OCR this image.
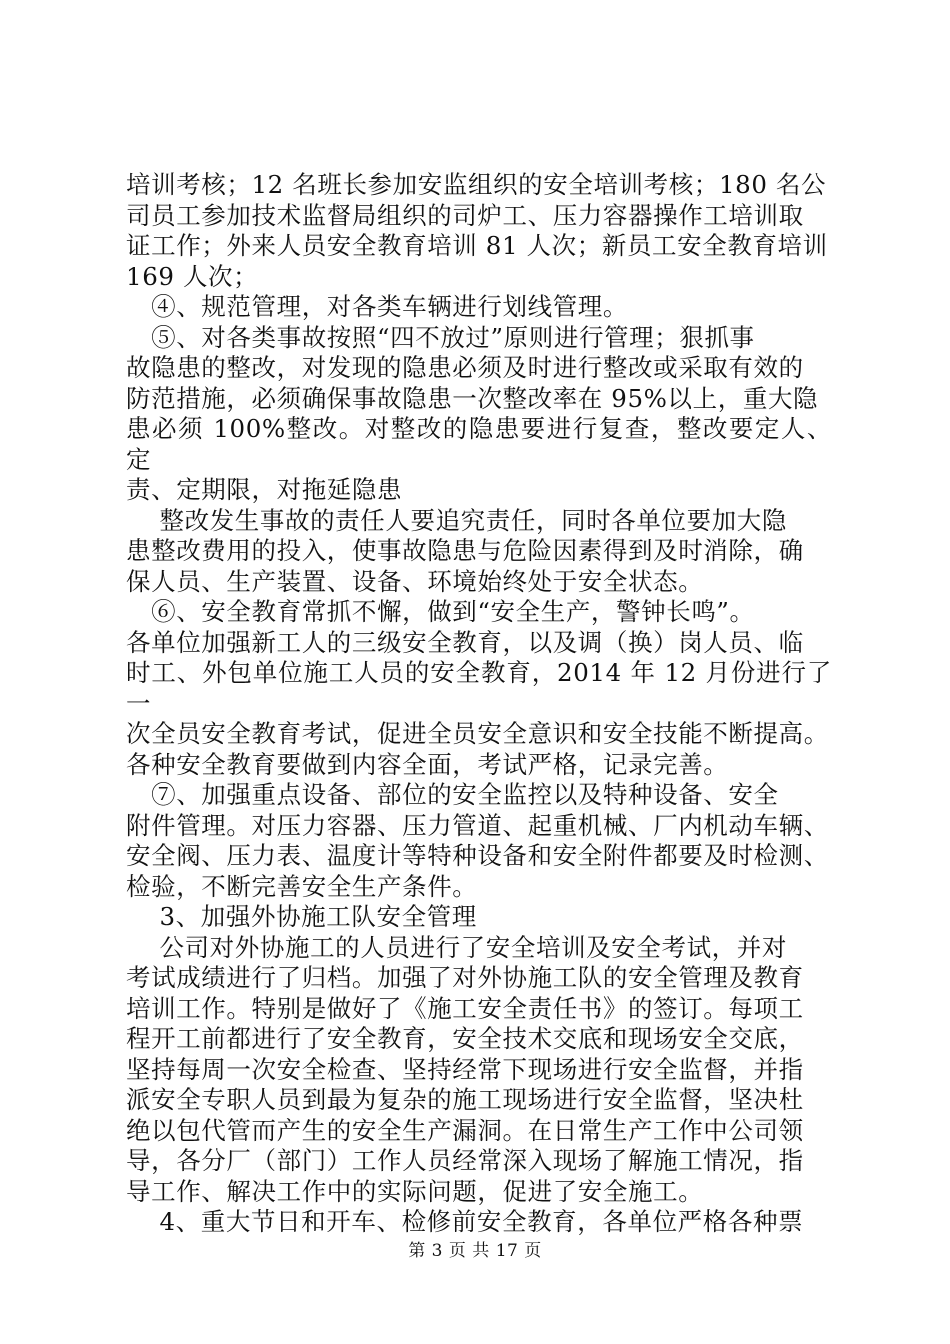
培训考核；12 名班长参加安监组织的安全培训考核；180 名公

司员工参加技术监督局组织的司炉工、压力容器操作工培训取

证工作；外来人员安全教育培训 81 人次；新员工安全教育培训

169 人次；

　④、规范管理，对各类车辆进行划线管理。

　⑤、对各类事故按照“四不放过”原则进行管理；狠抓事

故隐患的整改，对发现的隐患必须及时进行整改或采取有效的

防范措施，必须确保事故隐患一次整改率在 95%以上，重大隐

患必须 100%整改。对整改的隐患要进行复查，整改要定人、定

责、定期限，对拖延隐患

　 整改发生事故的责任人要追究责任，同时各单位要加大隐

患整改费用的投入，使事故隐患与危险因素得到及时消除，确

保人员、生产装置、设备、环境始终处于安全状态。

　⑥、安全教育常抓不懈，做到“安全生产，警钟长鸣”。

各单位加强新工人的三级安全教育，以及调（换）岗人员、临

时工、外包单位施工人员的安全教育，2014 年 12 月份进行了一

次全员安全教育考试，促进全员安全意识和安全技能不断提高。

各种安全教育要做到内容全面，考试严格，记录完善。

　⑦、加强重点设备、部位的安全监控以及特种设备、安全

附件管理。对压力容器、压力管道、起重机械、厂内机动车辆、

安全阀、压力表、温度计等特种设备和安全附件都要及时检测、

检验，不断完善安全生产条件。

　 3、加强外协施工队安全管理

　 公司对外协施工的人员进行了安全培训及安全考试，并对

考试成绩进行了归档。加强了对外协施工队的安全管理及教育

培训工作。特别是做好了《施工安全责任书》的签订。每项工

程开工前都进行了安全教育，安全技术交底和现场安全交底，

坚持每周一次安全检查、坚持经常下现场进行安全监督，并指

派安全专职人员到最为复杂的施工现场进行安全监督，坚决杜

绝以包代管而产生的安全生产漏洞。在日常生产工作中公司领

导，各分厂（部门）工作人员经常深入现场了解施工情况，指

导工作、解决工作中的实际问题，促进了安全施工。

　 4、重大节日和开车、检修前安全教育，各单位严格各种票

第 3 页 共 17 页
